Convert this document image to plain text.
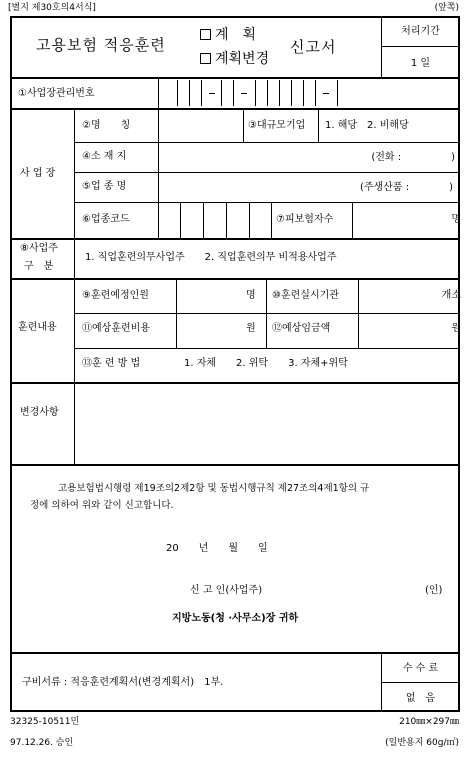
[별지 제30호의4서식]	(앞쪽)
고용보험 적응훈련
계　획
계획변경
신고서
처리기간
1 일
①사업장관리번호
사 업 장
②명　　칭	③대규모기업 1. 해당　2. 비해당
④소 재 지	(전화 :　　　　　)
⑤업 종 명	(주생산품 :　　　　)
⑥업종코드	⑦피보험자수	명
⑧사업주
구　분
1. 직업훈련의무사업주　　2. 직업훈련의무 비적용사업주
훈련내용
⑨훈련예정인원	명 ⑩훈련실시기관	개소
⑪예상훈련비용	원 ⑫예상임금액	원
⑬훈 련 방 법	1. 자체　　2. 위탁　　3. 자체+위탁
변경사항
고용보험법시행령 제19조의2제2항 및 동법시행규칙 제27조의4제1항의 규
정에 의하여 위와 같이 신고합니다.
20　　년　　월　　일
신 고 인(사업주)	(인)
지방노동(청 ·사무소)장 귀하
구비서류 : 적응훈련계획서(변경계획서)　1부.
수 수 료
없　음
32325-10511민	210㎜×297㎜
97.12.26. 승인	(일반용지 60g/㎡)
